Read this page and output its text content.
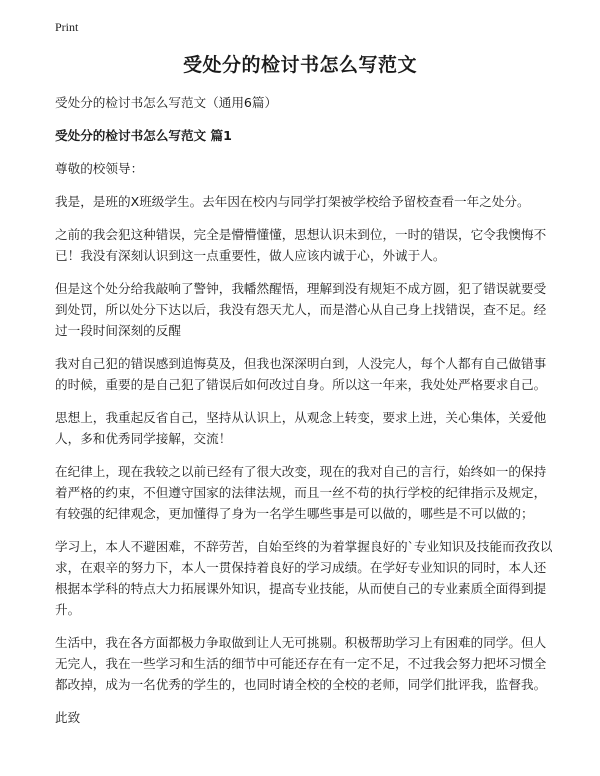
Print
受处分的检讨书怎么写范文

受处分的检讨书怎么写范文（通用6篇）

受处分的检讨书怎么写范文 篇1

尊敬的校领导：

我是，是班的X班级学生。去年因在校内与同学打架被学校给予留校查看一年之处分。

之前的我会犯这种错误，完全是懵懵懂懂，思想认识未到位，一时的错误，它令我懊悔不已！我没有深刻认识到这一点重要性，做人应该内诚于心，外诚于人。

但是这个处分给我敲响了警钟，我幡然醒悟，理解到没有规矩不成方圆，犯了错误就要受到处罚，所以处分下达以后，我没有怨天尤人，而是潜心从自己身上找错误，查不足。经过一段时间深刻的反醒

我对自己犯的错误感到追悔莫及，但我也深深明白到，人没完人，每个人都有自己做错事的时候，重要的是自己犯了错误后如何改过自身。所以这一年来，我处处严格要求自己。

思想上，我重起反省自己，坚持从认识上，从观念上转变，要求上进，关心集体，关爱他人，多和优秀同学接解，交流！

在纪律上，现在我较之以前已经有了很大改变，现在的我对自己的言行，始终如一的保持着严格的约束，不但遵守国家的法律法规，而且一丝不苟的执行学校的纪律指示及规定，有较强的纪律观念，更加懂得了身为一名学生哪些事是可以做的，哪些是不可以做的；

学习上，本人不避困难，不辞劳苦，自始至终的为着掌握良好的`专业知识及技能而孜孜以求，在艰辛的努力下，本人一贯保持着良好的学习成绩。在学好专业知识的同时，本人还根据本学科的特点大力拓展课外知识，提高专业技能，从而使自己的专业素质全面得到提升。

生活中，我在各方面都极力争取做到让人无可挑剔。积极帮助学习上有困难的同学。但人无完人，我在一些学习和生活的细节中可能还存在有一定不足，不过我会努力把坏习惯全都改掉，成为一名优秀的学生的，也同时请全校的全校的老师，同学们批评我，监督我。

此致
